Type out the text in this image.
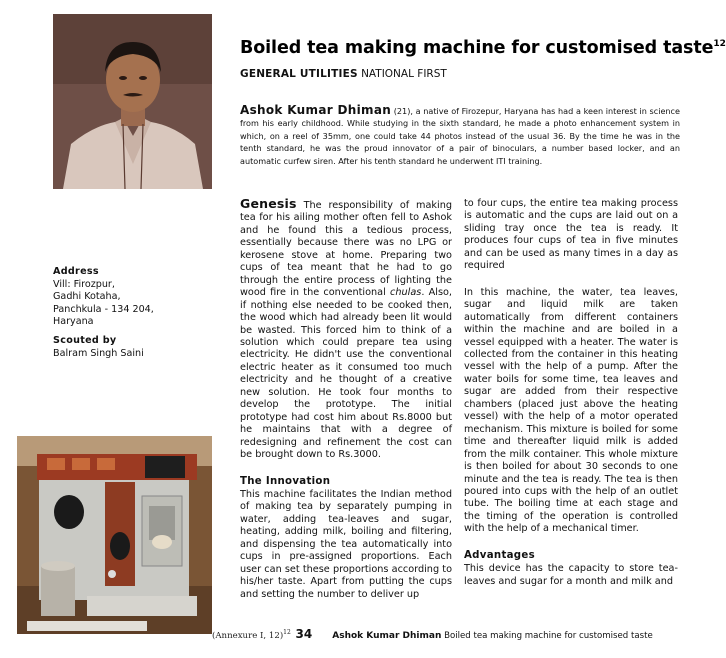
Boiled tea making machine for customised taste$^{12}$
GENERAL UTILITIES NATIONAL FIRST
Ashok Kumar Dhiman (21), a native of Firozepur, Haryana has had a keen interest in science from his early childhood. While studying in the sixth standard, he made a photo enhancement system in which, on a reel of 35mm, one could take 44 photos instead of the usual 36. By the time he was in the tenth standard, he was the proud innovator of a pair of binoculars, a number based locker, and an automatic curfew siren. After his tenth standard he underwent ITI training.
Address
Vill: Firozpur,
Gadhi Kotaha,
Panchkula - 134 204,
Haryana
Scouted by
Balram Singh Saini

Genesis The responsibility of making tea for his ailing mother often fell to Ashok and he found this a tedious process, essentially because there was no LPG or kerosene stove at home. Preparing two cups of tea meant that he had to go through the entire process of lighting the wood fire in the conventional chulas. Also, if nothing else needed to be cooked then, the wood which had already been lit would be wasted. This forced him to think of a solution which could prepare tea using electricity. He didn't use the conventional electric heater as it consumed too much electricity and he thought of a creative new solution. He took four months to develop the prototype. The initial prototype had cost him about Rs.8000 but he maintains that with a degree of redesigning and refinement the cost can be brought down to Rs.3000.

The Innovation

This machine facilitates the Indian method of making tea by separately pumping in water, adding tea-leaves and sugar, heating, adding milk, boiling and filtering, and dispensing the tea automatically into cups in pre-assigned proportions. Each user can set these proportions according to his/her taste. Apart from putting the cups and setting the number to deliver up

to four cups, the entire tea making process is automatic and the cups are laid out on a sliding tray once the tea is ready. It produces four cups of tea in five minutes and can be used as many times in a day as required

In this machine, the water, tea leaves, sugar and liquid milk are taken automatically from different containers within the machine and are boiled in a vessel equipped with a heater. The water is collected from the container in this heating vessel with the help of a pump. After the water boils for some time, tea leaves and sugar are added from their respective chambers (placed just above the heating vessel) with the help of a motor operated mechanism. This mixture is boiled for some time and thereafter liquid milk is added from the milk container. This whole mixture is then boiled for about 30 seconds to one minute and the tea is ready. The tea is then poured into cups with the help of an outlet tube. The boiling time at each stage and the timing of the operation is controlled with the help of a mechanical timer.

Advantages

This device has the capacity to store tea-leaves and sugar for a month and milk and

(Annexure I, 12)$^{12}$ 34 Ashok Kumar Dhiman Boiled tea making machine for customised taste
